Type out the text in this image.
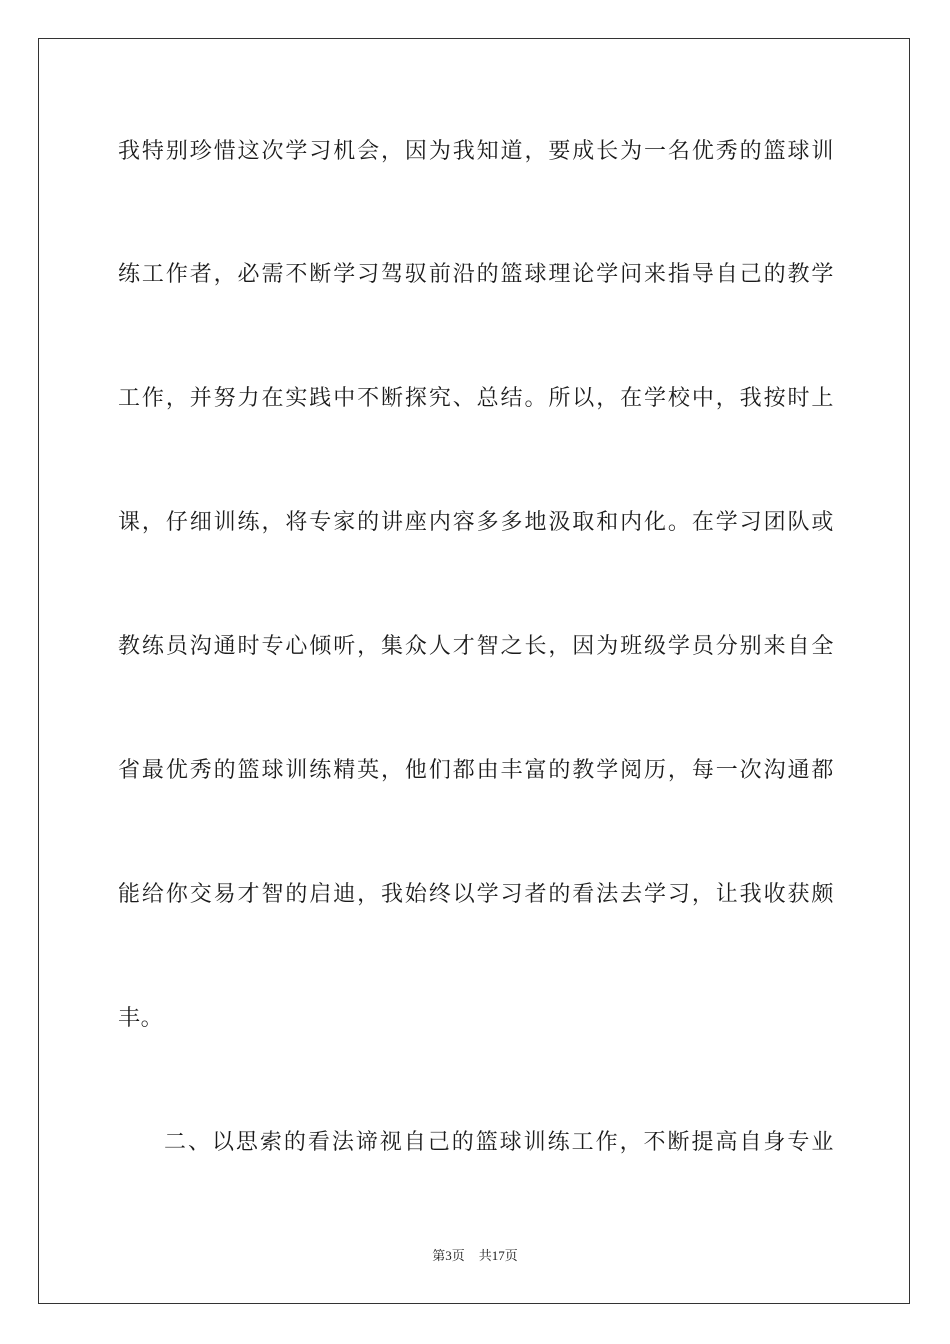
我特别珍惜这次学习机会，因为我知道，要成长为一名优秀的篮球训
练工作者，必需不断学习驾驭前沿的篮球理论学问来指导自己的教学
工作，并努力在实践中不断探究、总结。所以，在学校中，我按时上
课，仔细训练，将专家的讲座内容多多地汲取和内化。在学习团队或
教练员沟通时专心倾听，集众人才智之长，因为班级学员分别来自全
省最优秀的篮球训练精英，他们都由丰富的教学阅历，每一次沟通都
能给你交易才智的启迪，我始终以学习者的看法去学习，让我收获颇
丰。
二、以思索的看法谛视自己的篮球训练工作，不断提高自身专业
第3页 共17页
